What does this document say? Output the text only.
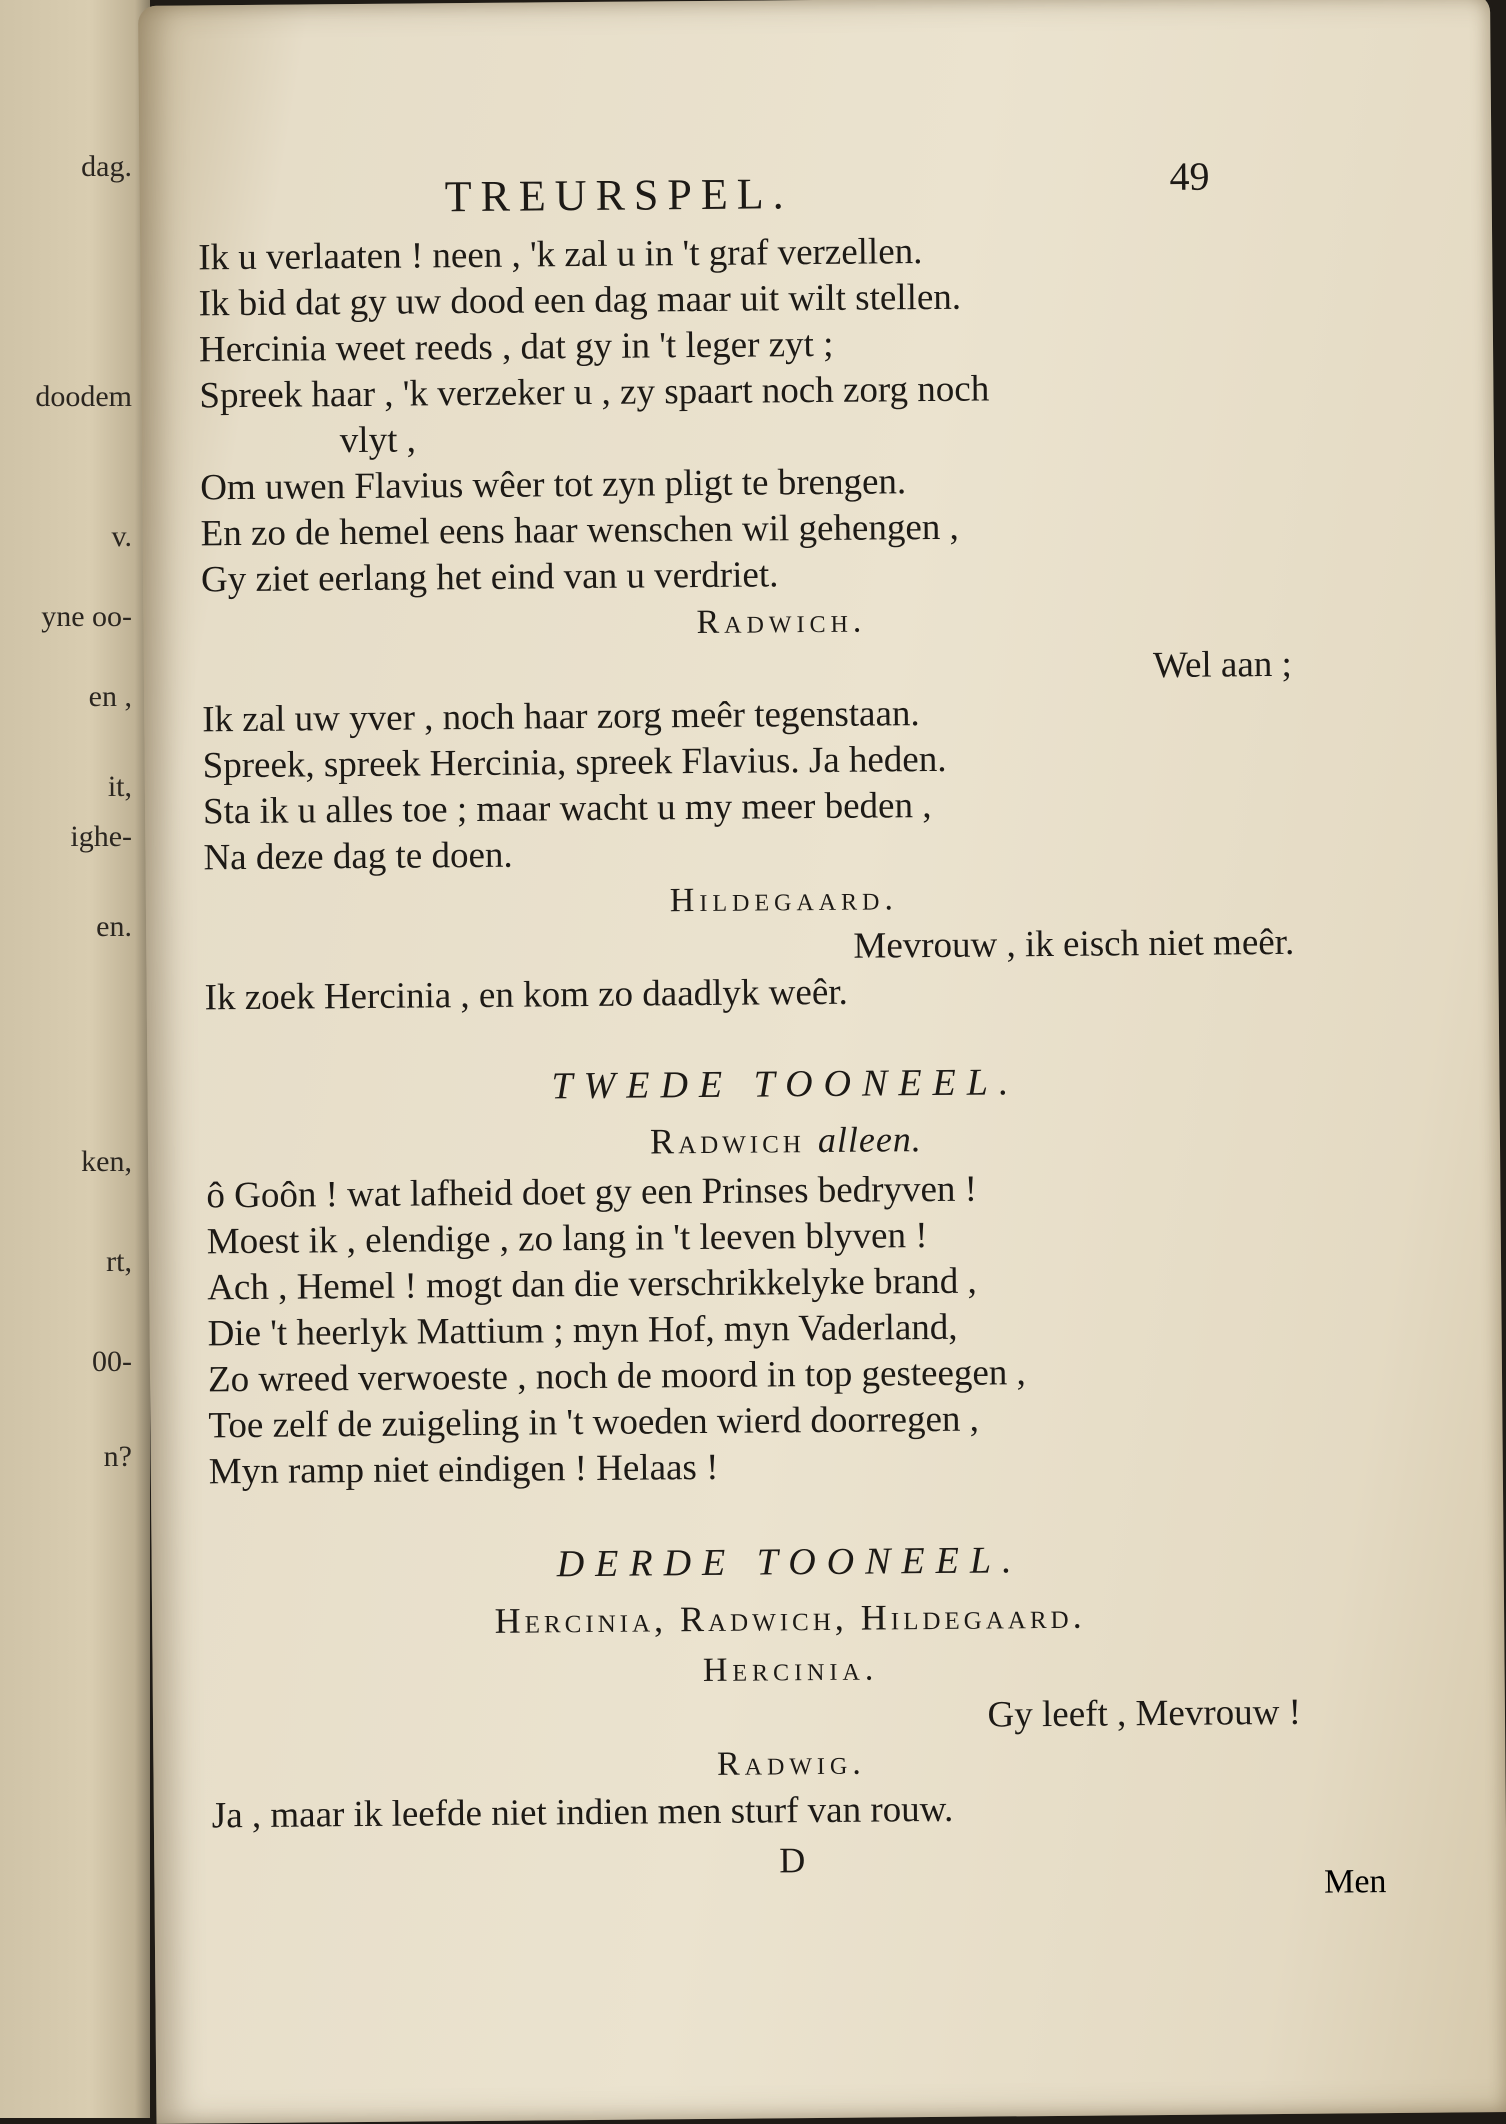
dag.
doodem
v.
yne oo-
en ,
it,
ighe-
en.
ken,
rt,
00-
n?
TREURSPEL.	49
Ik u verlaaten ! neen , 'k zal u in 't graf verzellen.
Ik bid dat gy uw dood een dag maar uit wilt stellen.
Hercinia weet reeds , dat gy in 't leger zyt ;
Spreek haar , 'k verzeker u , zy spaart noch zorg noch
vlyt ,
Om uwen Flavius wêer tot zyn pligt te brengen.
En zo de hemel eens haar wenschen wil gehengen ,
Gy ziet eerlang het eind van u verdriet.
Radwich.
Wel aan ;
Ik zal uw yver , noch haar zorg meêr tegenstaan.
Spreek, spreek Hercinia, spreek Flavius. Ja heden.
Sta ik u alles toe ; maar wacht u my meer beden ,
Na deze dag te doen.
Hildegaard.
Mevrouw , ik eisch niet meêr.
Ik zoek Hercinia , en kom zo daadlyk weêr.
TWEDE TOONEEL.
Radwich alleen.
ô Goôn ! wat lafheid doet gy een Prinses bedryven !
Moest ik , elendige , zo lang in 't leeven blyven !
Ach , Hemel ! mogt dan die verschrikkelyke brand ,
Die 't heerlyk Mattium ; myn Hof, myn Vaderland,
Zo wreed verwoeste , noch de moord in top gesteegen ,
Toe zelf de zuigeling in 't woeden wierd doorregen ,
Myn ramp niet eindigen ! Helaas !
DERDE TOONEEL.
Hercinia, Radwich, Hildegaard.
Hercinia.
Gy leeft , Mevrouw !
Radwig.
Ja , maar ik leefde niet indien men sturf van rouw.
D
Men
